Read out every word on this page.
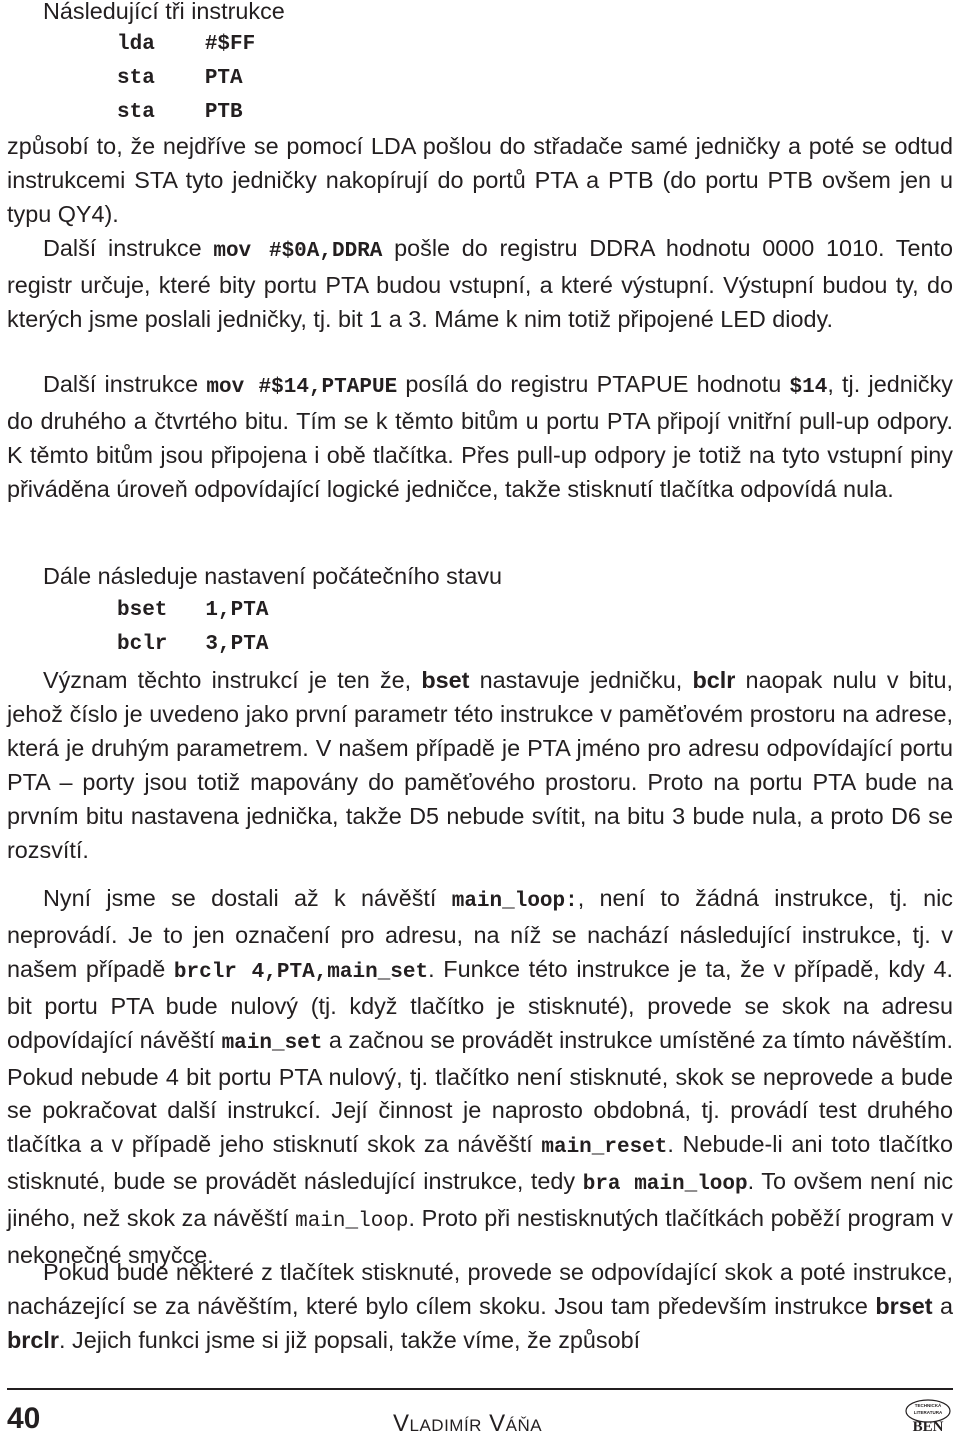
Následující tři instrukce

lda #$FF
sta PTA
sta PTB

způsobí to, že nejdříve se pomocí LDA pošlou do střadače samé jedničky a poté se odtud instrukcemi STA tyto jedničky nakopírují do portů PTA a PTB (do portu PTB ovšem jen u typu QY4).

Další instrukce mov #$0A,DDRA pošle do registru DDRA hodnotu 0000 1010. Tento registr určuje, které bity portu PTA budou vstupní, a které výstupní. Výstupní budou ty, do kterých jsme poslali jedničky, tj. bit 1 a 3. Máme k nim totiž připojené LED diody.

Další instrukce mov #$14,PTAPUE posílá do registru PTAPUE hodnotu $14, tj. jedničky do druhého a čtvrtého bitu. Tím se k těmto bitům u portu PTA připojí vnitřní pull-up odpory. K těmto bitům jsou připojena i obě tlačítka. Přes pull-up odpory je totiž na tyto vstupní piny přiváděna úroveň odpovídající logické jedničce, takže stisknutí tlačítka odpovídá nula.

Dále následuje nastavení počátečního stavu

bset 1,PTA
bclr 3,PTA

Význam těchto instrukcí je ten že, bset nastavuje jedničku, bclr naopak nulu v bitu, jehož číslo je uvedeno jako první parametr této instrukce v paměťovém prostoru na adrese, která je druhým parametrem. V našem případě je PTA jméno pro adresu odpovídající portu PTA – porty jsou totiž mapovány do paměťového prostoru. Proto na portu PTA bude na prvním bitu nastavena jednička, takže D5 nebude svítit, na bitu 3 bude nula, a proto D6 se rozsvítí.

Nyní jsme se dostali až k návěští main_loop:, není to žádná instrukce, tj. nic neprovádí. Je to jen označení pro adresu, na níž se nachází následující instrukce, tj. v našem případě brclr 4,PTA,main_set. Funkce této instrukce je ta, že v případě, kdy 4. bit portu PTA bude nulový (tj. když tlačítko je stisknuté), provede se skok na adresu odpovídající návěští main_set a začnou se provádět instrukce umístěné za tímto návěštím. Pokud nebude 4 bit portu PTA nulový, tj. tlačítko není stisknuté, skok se neprovede a bude se pokračovat další instrukcí. Její činnost je naprosto obdobná, tj. provádí test druhého tlačítka a v případě jeho stisknutí skok za návěští main_reset. Nebude-li ani toto tlačítko stisknuté, bude se provádět následující instrukce, tedy bra main_loop. To ovšem není nic jiného, než skok za návěští main_loop. Proto při nestisknutých tlačítkách poběží program v nekonečné smyčce.

Pokud bude některé z tlačítek stisknuté, provede se odpovídající skok a poté instrukce, nacházející se za návěštím, které bylo cílem skoku. Jsou tam především instrukce brset a brclr. Jejich funkci jsme si již popsali, takže víme, že způsobí

40	Vladimír Váňa
TECHNICKÁ
LITERATURA
BEN
